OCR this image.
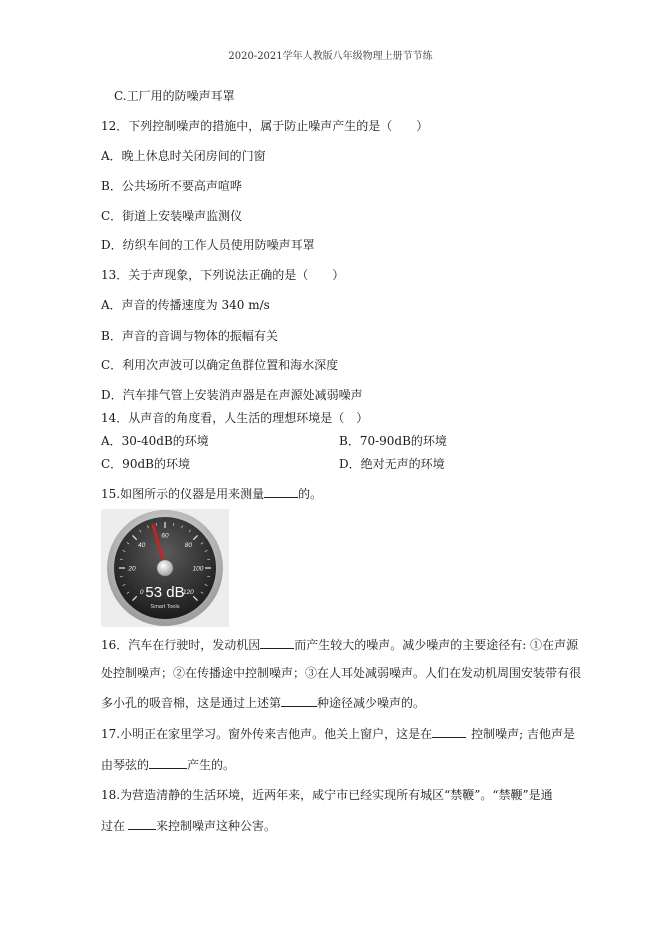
2020-2021学年人教版八年级物理上册节节练
C.工厂用的防噪声耳罩
12．下列控制噪声的措施中，属于防止噪声产生的是（　　）
A．晚上休息时关闭房间的门窗
B．公共场所不要高声喧哗
C．街道上安装噪声监测仪
D．纺织车间的工作人员使用防噪声耳罩
13．关于声现象，下列说法正确的是（　　）
A．声音的传播速度为 340 m/s
B．声音的音调与物体的振幅有关
C．利用次声波可以确定鱼群位置和海水深度
D．汽车排气管上安装消声器是在声源处减弱噪声
14．从声音的角度看，人生活的理想环境是（　）
A．30-40dB的环境	B．70-90dB的环境
C．90dB的环境	D．绝对无声的环境
15.如图所示的仪器是用来测量	的。
0
20
40
60
80
100
120
53 dB
Smart Tools
16．汽车在行驶时，发动机因	而产生较大的噪声。减少噪声的主要途径有: ①在声源
处控制噪声；②在传播途中控制噪声；③在人耳处减弱噪声。人们在发动机周围安装带有很
多小孔的吸音棉，这是通过上述第	种途径减少噪声的。
17.小明正在家里学习。窗外传来吉他声。他关上窗户，这是在	控制噪声; 吉他声是
由琴弦的	产生的。
18.为营造清静的生活环境，近两年来，咸宁市已经实现所有城区“禁鞭”。“禁鞭”是通
过在	来控制噪声这种公害。
